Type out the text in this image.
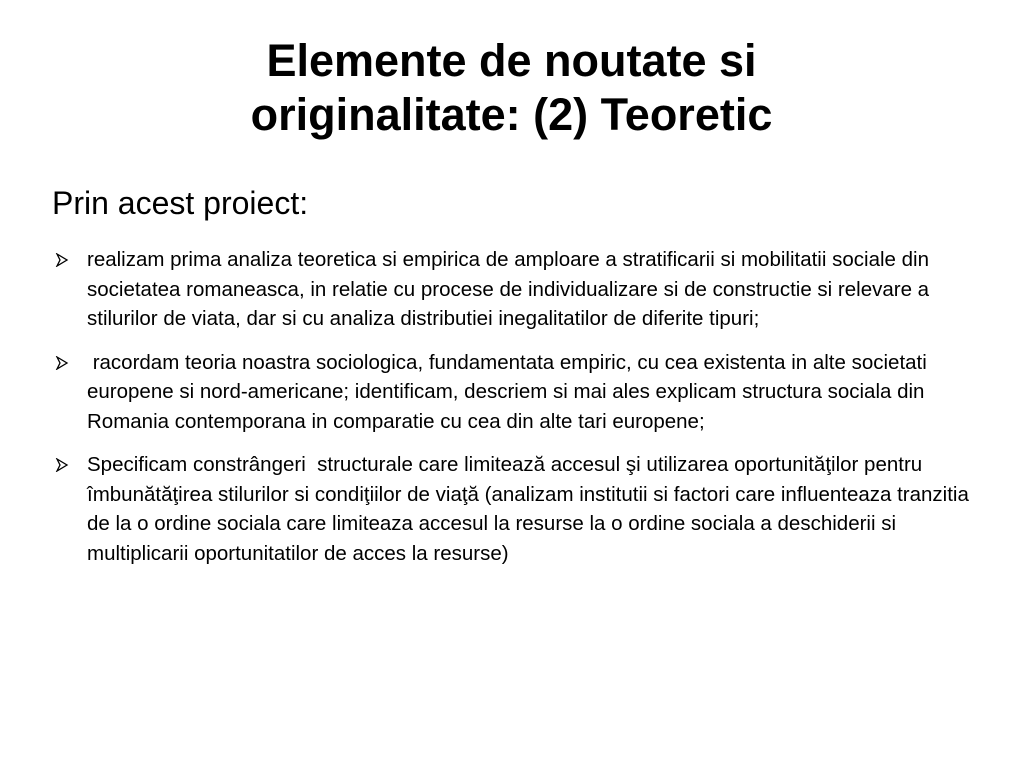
Elemente de noutate si
originalitate: (2) Teoretic

Prin acest proiect:

realizam prima analiza teoretica si empirica de amploare a stratificarii si mobilitatii sociale din societatea romaneasca, in relatie cu procese de individualizare si de constructie si relevare a stilurilor de viata, dar si cu analiza distributiei inegalitatilor de diferite tipuri;
racordam teoria noastra sociologica, fundamentata empiric, cu cea existenta in alte societati europene si nord-americane; identificam, descriem si mai ales explicam structura sociala din Romania contemporana in comparatie cu cea din alte tari europene;
Specificam constrângeri  structurale care limitează accesul şi utilizarea oportunităţilor pentru îmbunătăţirea stilurilor si condiţiilor de viaţă (analizam institutii si factori care influenteaza tranzitia de la o ordine sociala care limiteaza accesul la resurse la o ordine sociala a deschiderii si multiplicarii oportunitatilor de acces la resurse)
